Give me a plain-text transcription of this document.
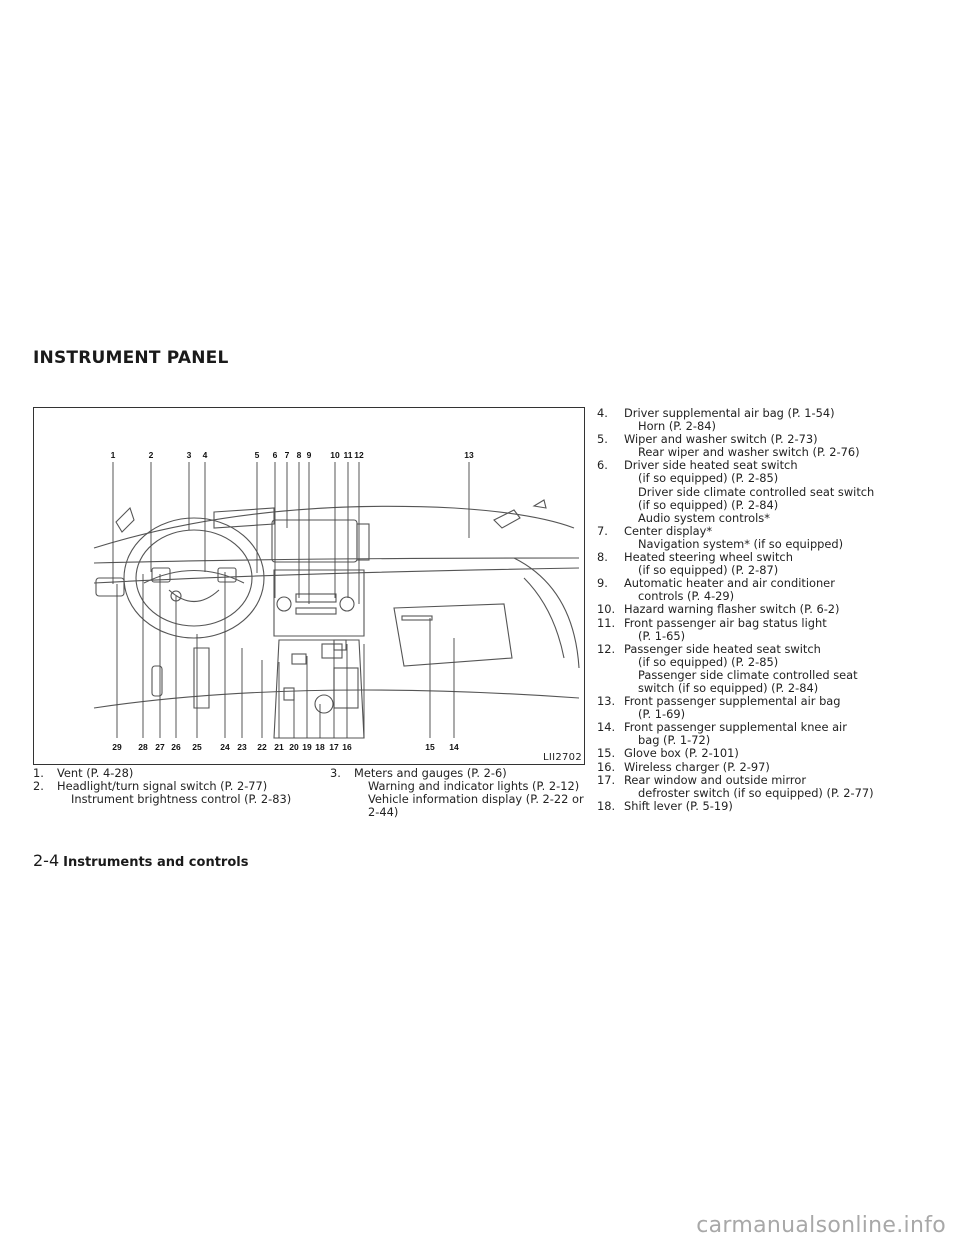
INSTRUMENT PANEL
1	2	3 4	5 6 7 8 9 10 11 12	13
29 28 27 26 25 24 23 22 21 20 19 18 17 16	15 14
LII2702
1.	Vent (P. 4-28)
2.	Headlight/turn signal switch (P. 2-77)
Instrument brightness control (P. 2-83)
3.	Meters and gauges (P. 2-6)
Warning and indicator lights (P. 2-12)
Vehicle information display (P. 2-22 or
2-44)
4.	Driver supplemental air bag (P. 1-54)
Horn (P. 2-84)
5.	Wiper and washer switch (P. 2-73)
Rear wiper and washer switch (P. 2-76)
6.	Driver side heated seat switch
(if so equipped) (P. 2-85)
Driver side climate controlled seat switch
(if so equipped) (P. 2-84)
Audio system controls*
7.	Center display*
Navigation system* (if so equipped)
8.	Heated steering wheel switch
(if so equipped) (P. 2-87)
9.	Automatic heater and air conditioner
controls (P. 4-29)
10. Hazard warning flasher switch (P. 6-2)
11. Front passenger air bag status light
(P. 1-65)
12. Passenger side heated seat switch
(if so equipped) (P. 2-85)
Passenger side climate controlled seat
switch (if so equipped) (P. 2-84)
13. Front passenger supplemental air bag
(P. 1-69)
14. Front passenger supplemental knee air
bag (P. 1-72)
15. Glove box (P. 2-101)
16. Wireless charger (P. 2-97)
17. Rear window and outside mirror
defroster switch (if so equipped) (P. 2-77)
18. Shift lever (P. 5-19)
2-4 Instruments and controls
carmanualsonline.info
